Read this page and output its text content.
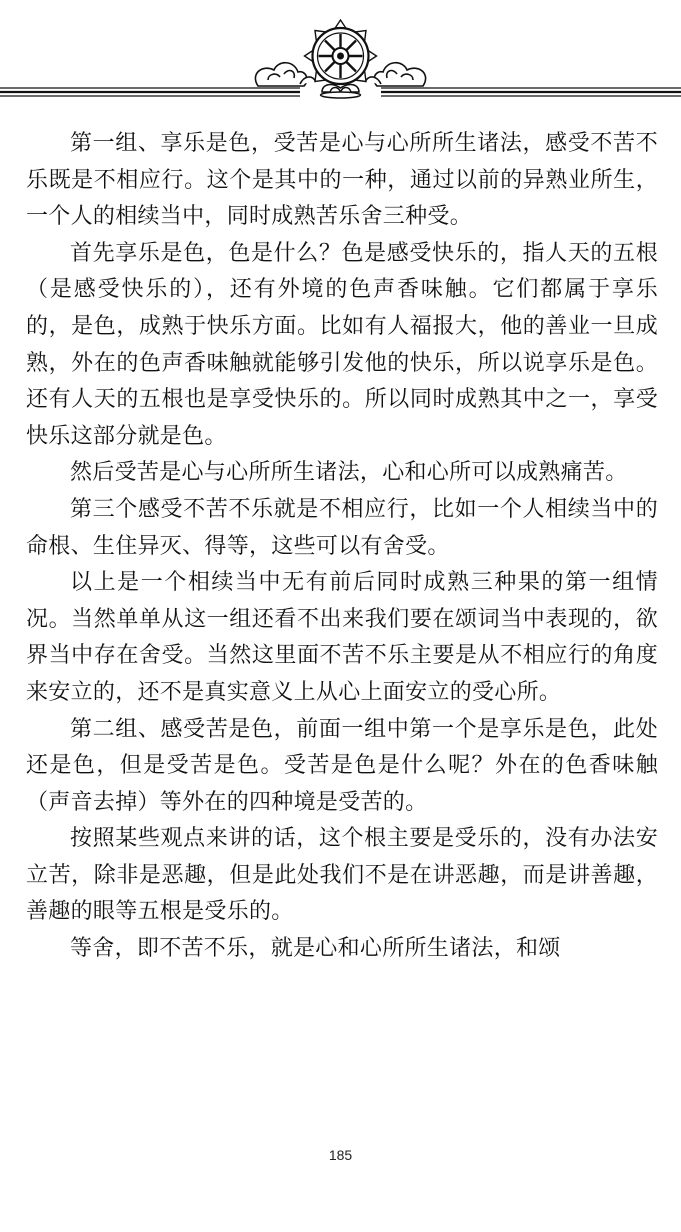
第一组、享乐是色，受苦是心与心所所生诸法，感受不苦不乐既是不相应行。这个是其中的一种，通过以前的异熟业所生，一个人的相续当中，同时成熟苦乐舍三种受。

首先享乐是色，色是什么？色是感受快乐的，指人天的五根（是感受快乐的），还有外境的色声香味触。它们都属于享乐的，是色，成熟于快乐方面。比如有人福报大，他的善业一旦成熟，外在的色声香味触就能够引发他的快乐，所以说享乐是色。还有人天的五根也是享受快乐的。所以同时成熟其中之一，享受快乐这部分就是色。

然后受苦是心与心所所生诸法，心和心所可以成熟痛苦。

第三个感受不苦不乐就是不相应行，比如一个人相续当中的命根、生住异灭、得等，这些可以有舍受。

以上是一个相续当中无有前后同时成熟三种果的第一组情况。当然单单从这一组还看不出来我们要在颂词当中表现的，欲界当中存在舍受。当然这里面不苦不乐主要是从不相应行的角度来安立的，还不是真实意义上从心上面安立的受心所。

第二组、感受苦是色，前面一组中第一个是享乐是色，此处还是色，但是受苦是色。受苦是色是什么呢？外在的色香味触（声音去掉）等外在的四种境是受苦的。

按照某些观点来讲的话，这个根主要是受乐的，没有办法安立苦，除非是恶趣，但是此处我们不是在讲恶趣，而是讲善趣，善趣的眼等五根是受乐的。

等舍，即不苦不乐，就是心和心所所生诸法，和颂

185
